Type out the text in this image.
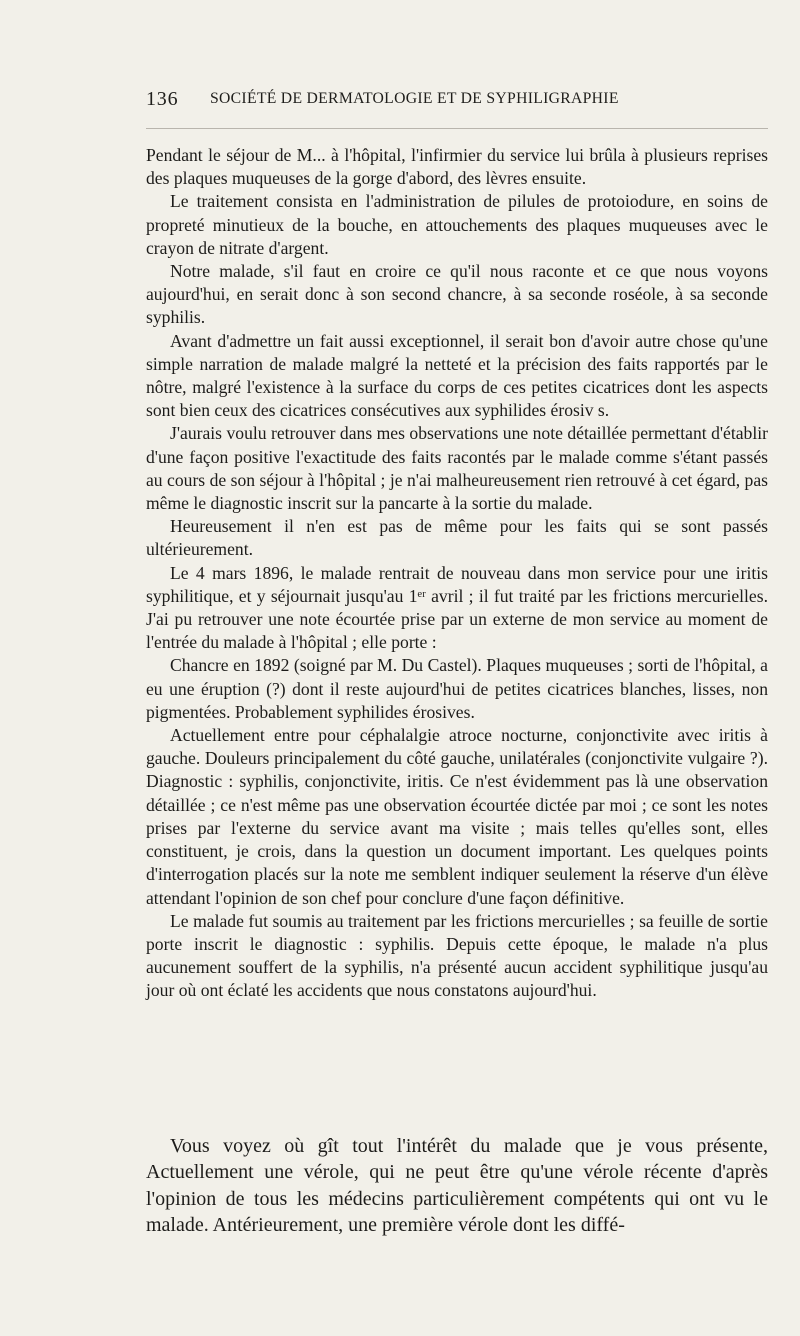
136 SOCIÉTÉ DE DERMATOLOGIE ET DE SYPHILIGRAPHIE

Pendant le séjour de M... à l'hôpital, l'infirmier du service lui brûla à plusieurs reprises des plaques muqueuses de la gorge d'abord, des lèvres ensuite.

Le traitement consista en l'administration de pilules de protoiodure, en soins de propreté minutieux de la bouche, en attouchements des plaques muqueuses avec le crayon de nitrate d'argent.

Notre malade, s'il faut en croire ce qu'il nous raconte et ce que nous voyons aujourd'hui, en serait donc à son second chancre, à sa seconde roséole, à sa seconde syphilis.

Avant d'admettre un fait aussi exceptionnel, il serait bon d'avoir autre chose qu'une simple narration de malade malgré la netteté et la précision des faits rapportés par le nôtre, malgré l'existence à la surface du corps de ces petites cicatrices dont les aspects sont bien ceux des cicatrices consécutives aux syphilides érosiv s.

J'aurais voulu retrouver dans mes observations une note détaillée permettant d'établir d'une façon positive l'exactitude des faits racontés par le malade comme s'étant passés au cours de son séjour à l'hôpital ; je n'ai malheureusement rien retrouvé à cet égard, pas même le diagnostic inscrit sur la pancarte à la sortie du malade.

Heureusement il n'en est pas de même pour les faits qui se sont passés ultérieurement.

Le 4 mars 1896, le malade rentrait de nouveau dans mon service pour une iritis syphilitique, et y séjournait jusqu'au 1ᵉʳ avril ; il fut traité par les frictions mercurielles. J'ai pu retrouver une note écourtée prise par un externe de mon service au moment de l'entrée du malade à l'hôpital ; elle porte :

Chancre en 1892 (soigné par M. Du Castel). Plaques muqueuses ; sorti de l'hôpital, a eu une éruption (?) dont il reste aujourd'hui de petites cicatrices blanches, lisses, non pigmentées. Probablement syphilides érosives.

Actuellement entre pour céphalalgie atroce nocturne, conjonctivite avec iritis à gauche. Douleurs principalement du côté gauche, unilatérales (conjonctivite vulgaire ?). Diagnostic : syphilis, conjonctivite, iritis. Ce n'est évidemment pas là une observation détaillée ; ce n'est même pas une observation écourtée dictée par moi ; ce sont les notes prises par l'externe du service avant ma visite ; mais telles qu'elles sont, elles constituent, je crois, dans la question un document important. Les quelques points d'interrogation placés sur la note me semblent indiquer seulement la réserve d'un élève attendant l'opinion de son chef pour conclure d'une façon définitive.

Le malade fut soumis au traitement par les frictions mercurielles ; sa feuille de sortie porte inscrit le diagnostic : syphilis. Depuis cette époque, le malade n'a plus aucunement souffert de la syphilis, n'a présenté aucun accident syphilitique jusqu'au jour où ont éclaté les accidents que nous constatons aujourd'hui.

Vous voyez où gît tout l'intérêt du malade que je vous présente, Actuellement une vérole, qui ne peut être qu'une vérole récente d'après l'opinion de tous les médecins particulièrement compétents qui ont vu le malade. Antérieurement, une première vérole dont les diffé-
